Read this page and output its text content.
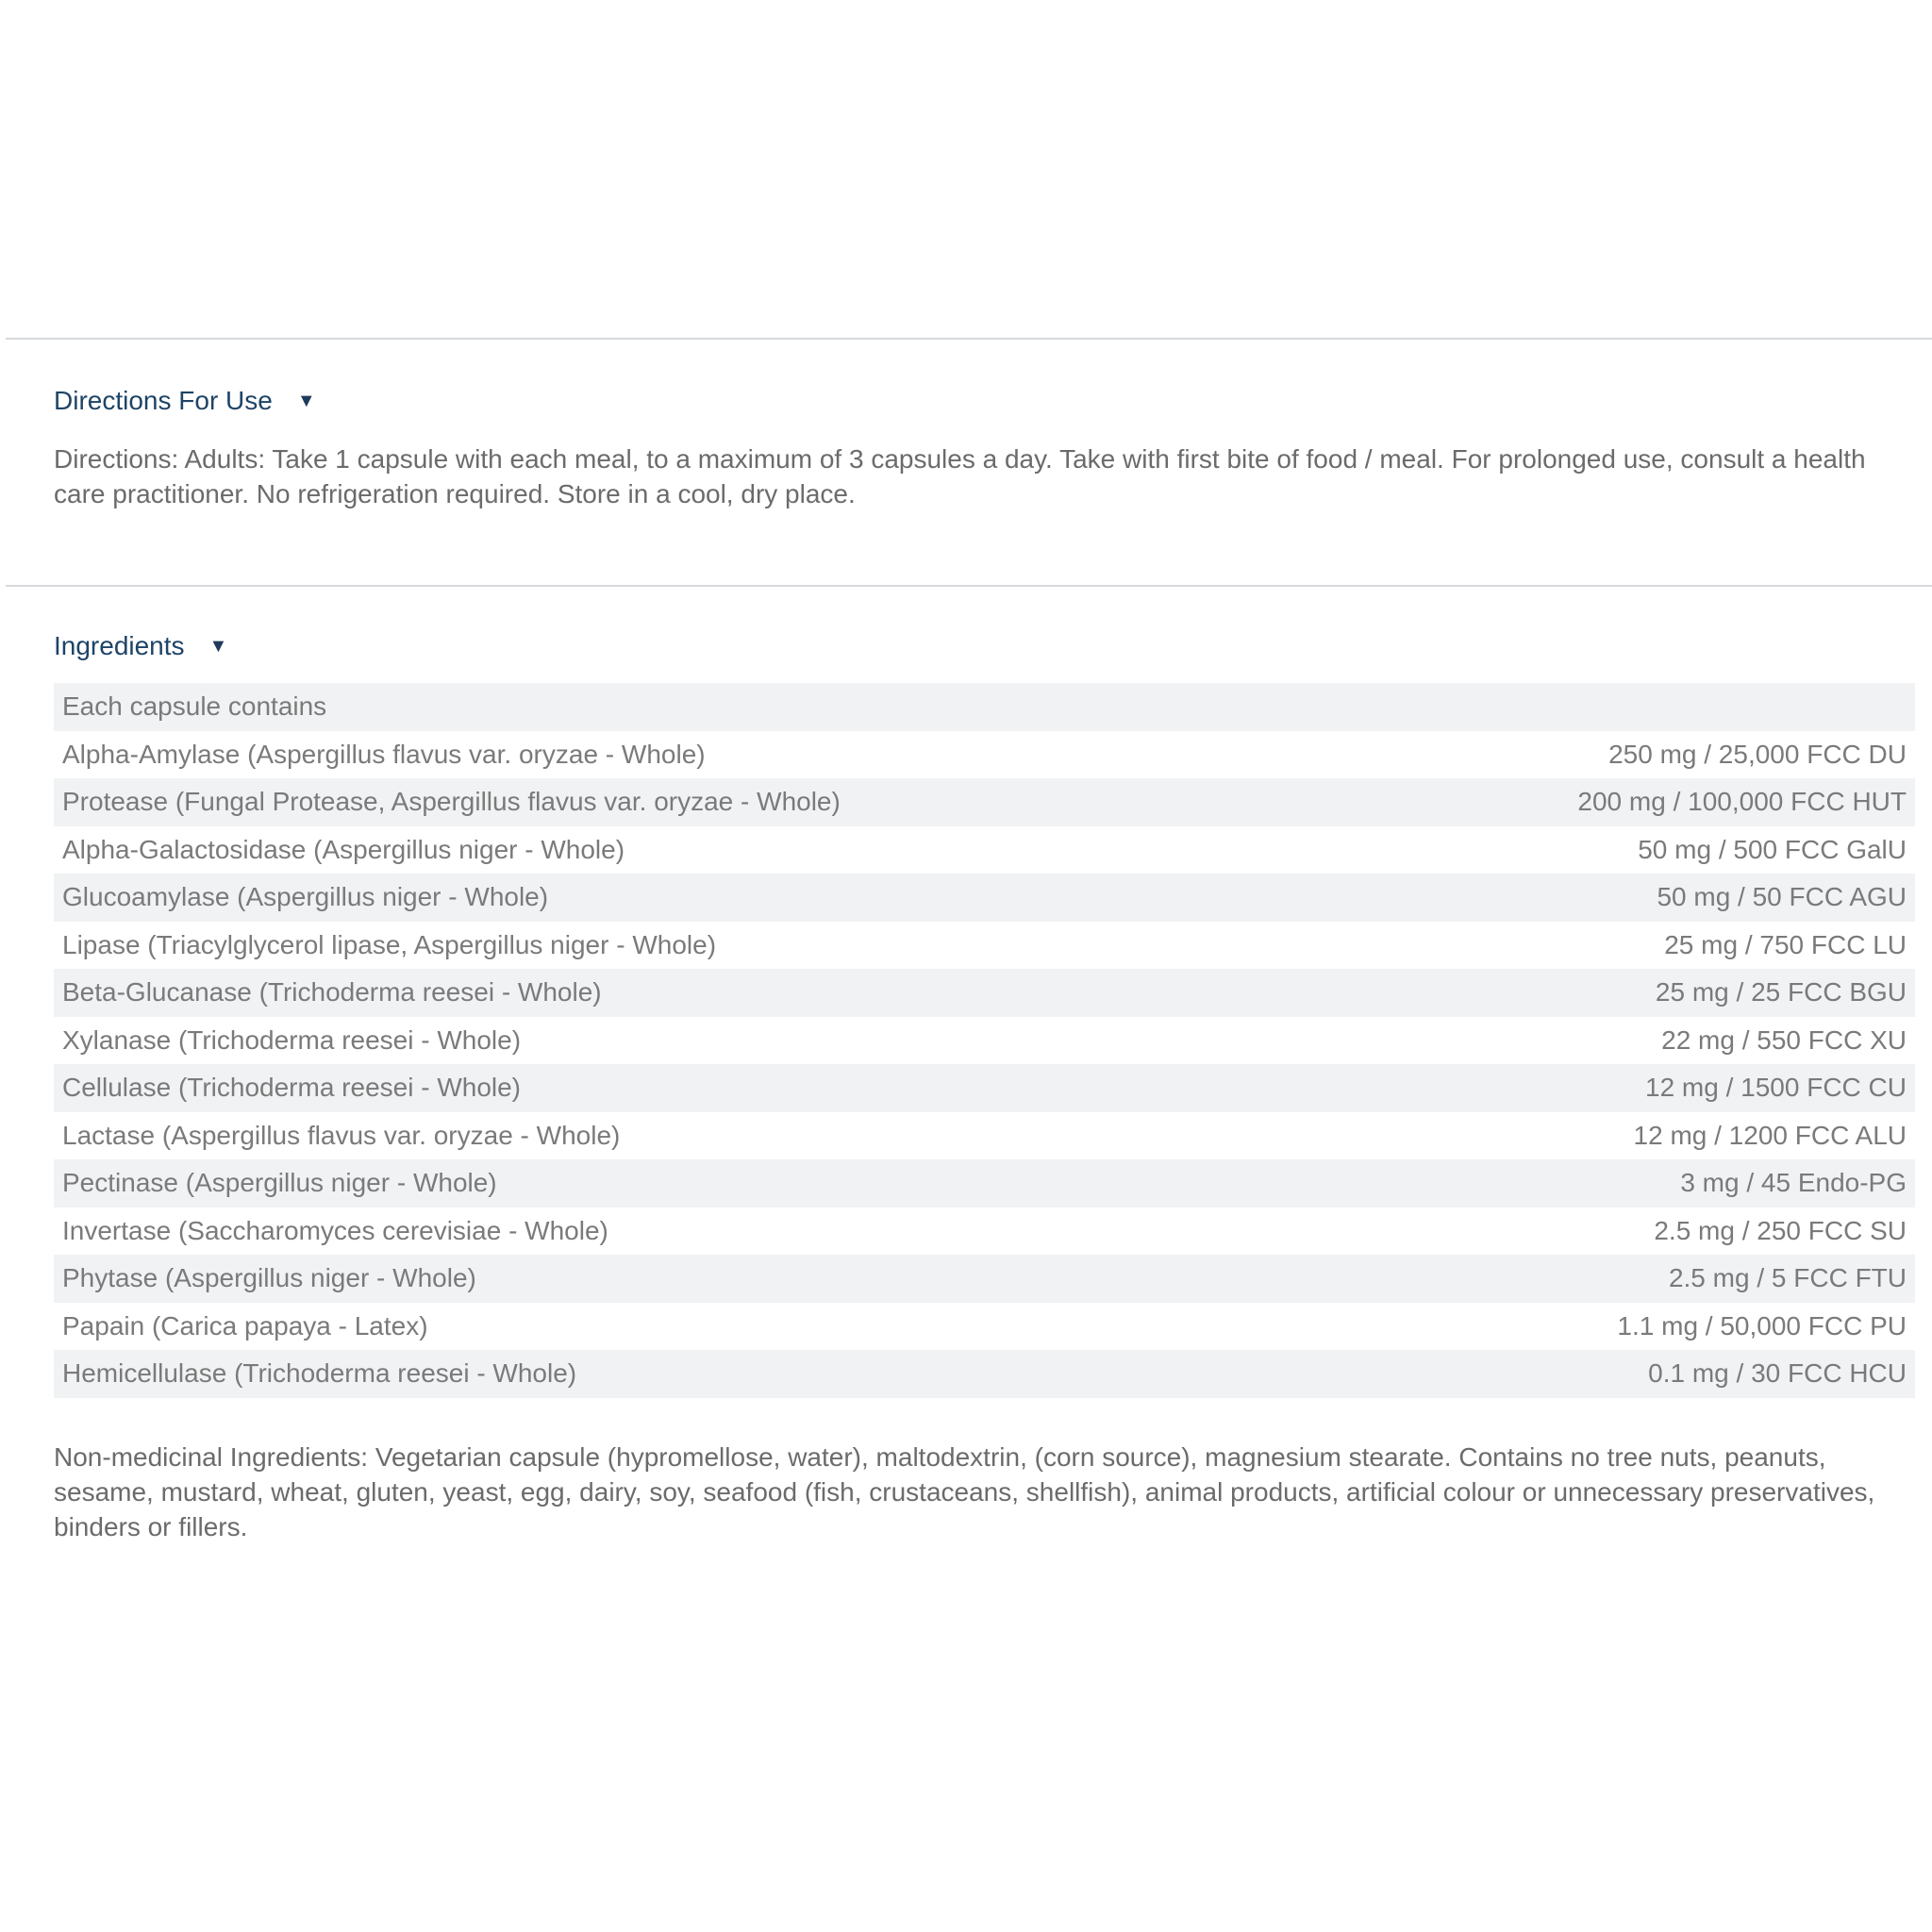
Directions For Use ▼
Directions: Adults: Take 1 capsule with each meal, to a maximum of 3 capsules a day. Take with first bite of food / meal. For prolonged use, consult a health care practitioner. No refrigeration required. Store in a cool, dry place.
Ingredients ▼
Each capsule contains	
Alpha-Amylase (Aspergillus flavus var. oryzae - Whole)	250 mg / 25,000 FCC DU
Protease (Fungal Protease, Aspergillus flavus var. oryzae - Whole)	200 mg / 100,000 FCC HUT
Alpha-Galactosidase (Aspergillus niger - Whole)	50 mg / 500 FCC GalU
Glucoamylase (Aspergillus niger - Whole)	50 mg / 50 FCC AGU
Lipase (Triacylglycerol lipase, Aspergillus niger - Whole)	25 mg / 750 FCC LU
Beta-Glucanase (Trichoderma reesei - Whole)	25 mg / 25 FCC BGU
Xylanase (Trichoderma reesei - Whole)	22 mg / 550 FCC XU
Cellulase (Trichoderma reesei - Whole)	12 mg / 1500 FCC CU
Lactase (Aspergillus flavus var. oryzae - Whole)	12 mg / 1200 FCC ALU
Pectinase (Aspergillus niger - Whole)	3 mg / 45 Endo-PG
Invertase (Saccharomyces cerevisiae - Whole)	2.5 mg / 250 FCC SU
Phytase (Aspergillus niger - Whole)	2.5 mg / 5 FCC FTU
Papain (Carica papaya - Latex)	1.1 mg / 50,000 FCC PU
Hemicellulase (Trichoderma reesei - Whole)	0.1 mg / 30 FCC HCU
Non-medicinal Ingredients: Vegetarian capsule (hypromellose, water), maltodextrin, (corn source), magnesium stearate. Contains no tree nuts, peanuts, sesame, mustard, wheat, gluten, yeast, egg, dairy, soy, seafood (fish, crustaceans, shellfish), animal products, artificial colour or unnecessary preservatives, binders or fillers.
